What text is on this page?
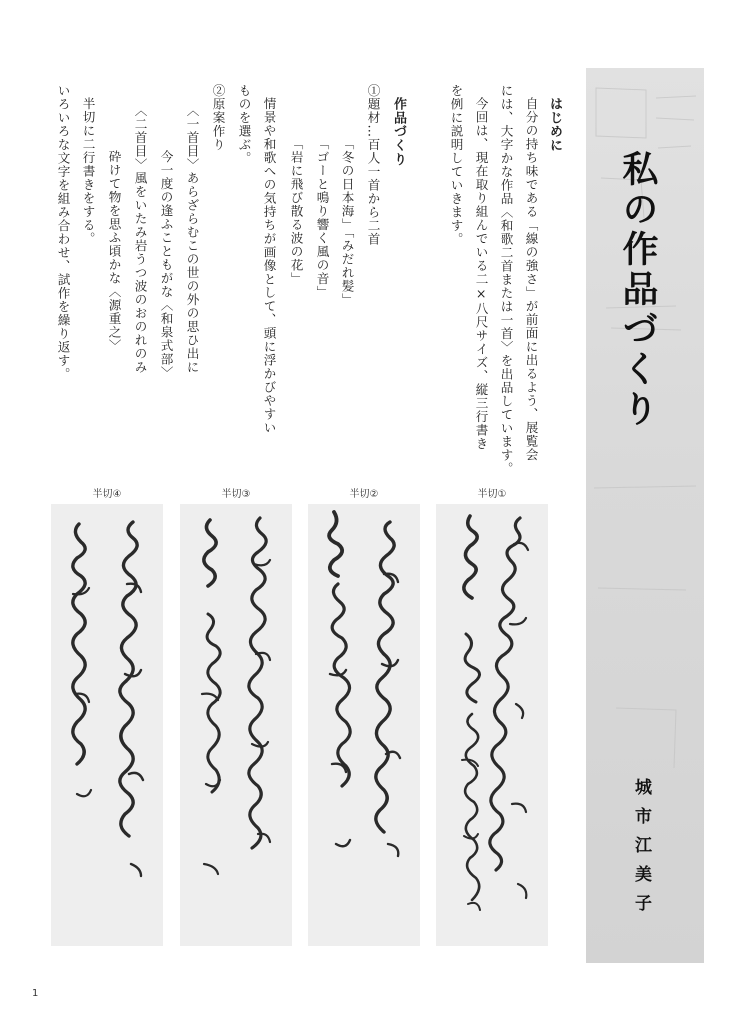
私の作品づくり
城市江美子
はじめに
自分の持ち味である「線の強さ」が前面に出るよう、展覧会
には、大字かな作品〈和歌二首または一首〉を出品しています。
今回は、現在取り組んでいる二×八尺サイズ、縦三行書き
を例に説明していきます。
作品づくり
①題材…百人一首から二首
「冬の日本海」「みだれ髪」
「ゴーと鳴り響く風の音」
「岩に飛び散る波の花」
情景や和歌への気持ちが画像として、頭に浮かびやすい
ものを選ぶ。
②原案作り
〈一首目〉あらざらむこの世の外の思ひ出に
今一度の逢ふこともがな〈和泉式部〉
〈二首目〉風をいたみ岩うつ波のおのれのみ
砕けて物を思ふ頃かな〈源重之〉
半切に二行書きをする。
いろいろな文字を組み合わせ、試作を繰り返す。
半切①
半切②
半切③
半切④
1
